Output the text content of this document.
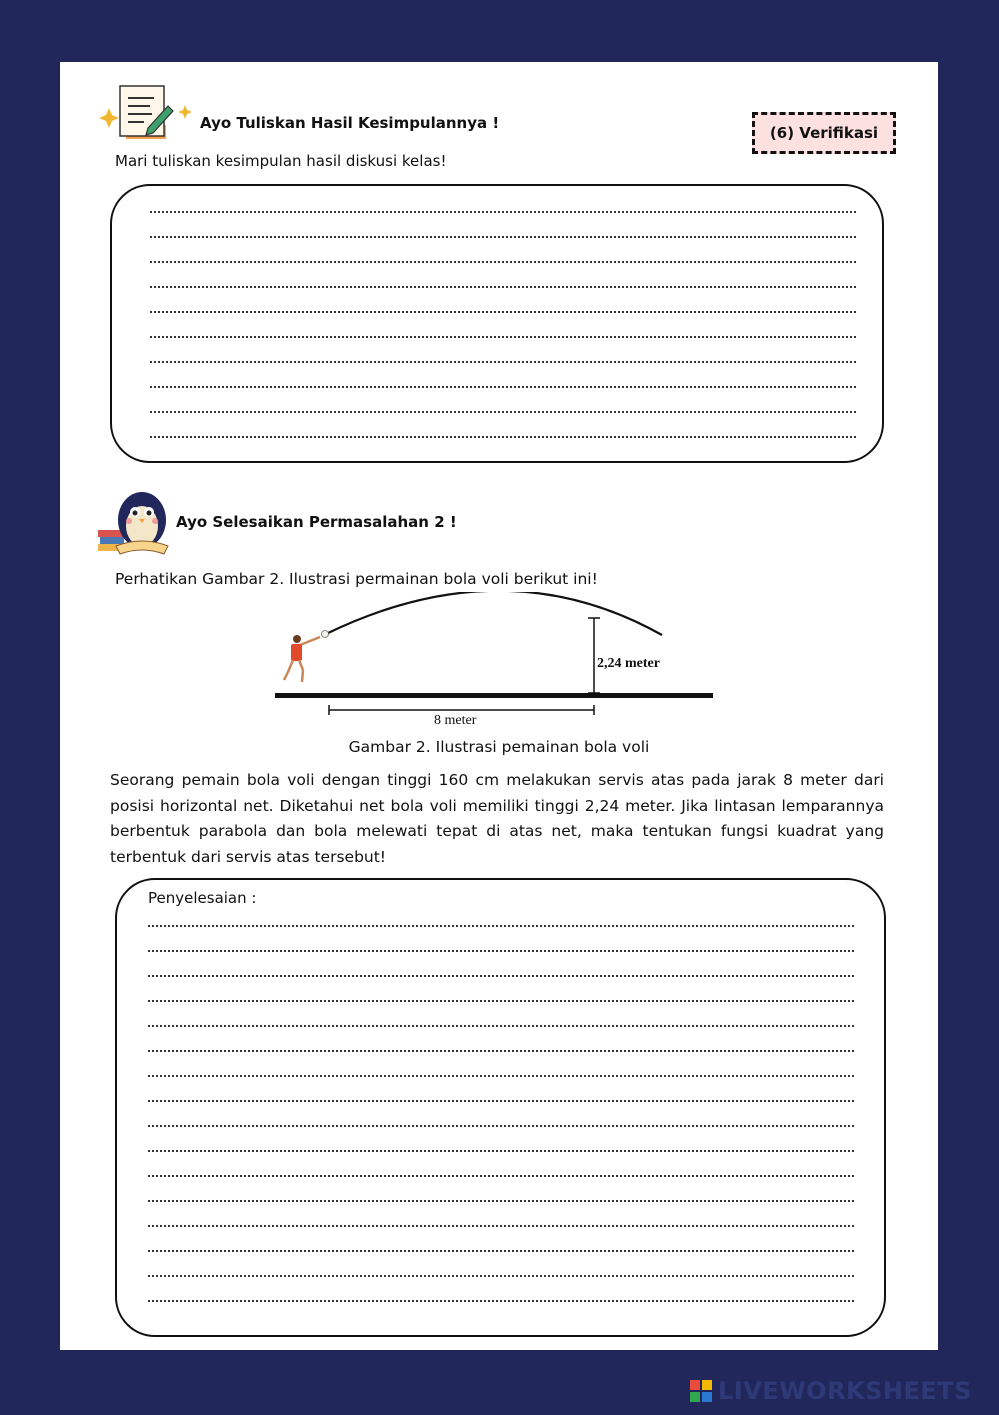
Ayo Tuliskan Hasil Kesimpulannya !
(6) Verifikasi
Mari tuliskan kesimpulan hasil diskusi kelas!
Ayo Selesaikan Permasalahan 2 !
Perhatikan Gambar 2. Ilustrasi permainan bola voli berikut ini!
2,24 meter
8 meter
Gambar 2. Ilustrasi pemainan bola voli
Seorang pemain bola voli dengan tinggi 160 cm melakukan servis atas pada jarak 8 meter dari posisi horizontal net. Diketahui net bola voli memiliki tinggi 2,24 meter. Jika lintasan lemparannya berbentuk parabola dan bola melewati tepat di atas net, maka tentukan fungsi kuadrat yang terbentuk dari servis atas tersebut!
Penyelesaian :
LIVEWORKSHEETS
